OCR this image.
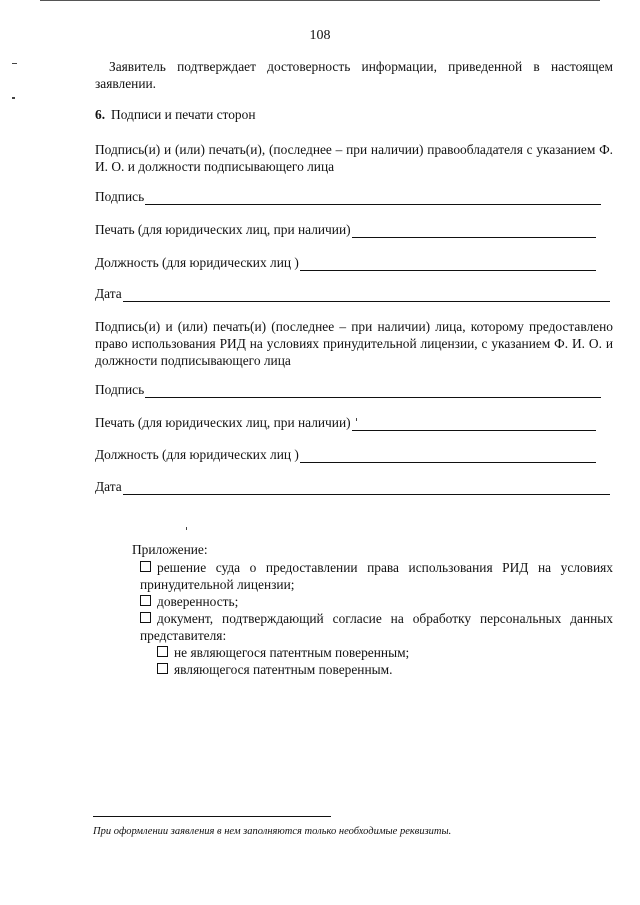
108
Заявитель подтверждает достоверность информации, приведенной в настоящем заявлении.
6. Подписи и печати сторон
Подпись(и) и (или) печать(и), (последнее – при наличии) правообладателя с указанием Ф. И. О. и должности подписывающего лица
Подпись
Печать (для юридических лиц, при наличии)
Должность (для юридических лиц )
Дата
Подпись(и) и (или) печать(и) (последнее – при наличии) лица, которому предоставлено право использования РИД на условиях принудительной лицензии, с указанием Ф. И. О. и должности подписывающего лица
Подпись
Печать (для юридических лиц, при наличии)
Должность (для юридических лиц )
Дата
Приложение:
решение суда о предоставлении права использования РИД на условиях принудительной лицензии;
доверенность;
документ, подтверждающий согласие на обработку персональных данных представителя:
не являющегося патентным поверенным;
являющегося патентным поверенным.
При оформлении заявления в нем заполняются только необходимые реквизиты.
